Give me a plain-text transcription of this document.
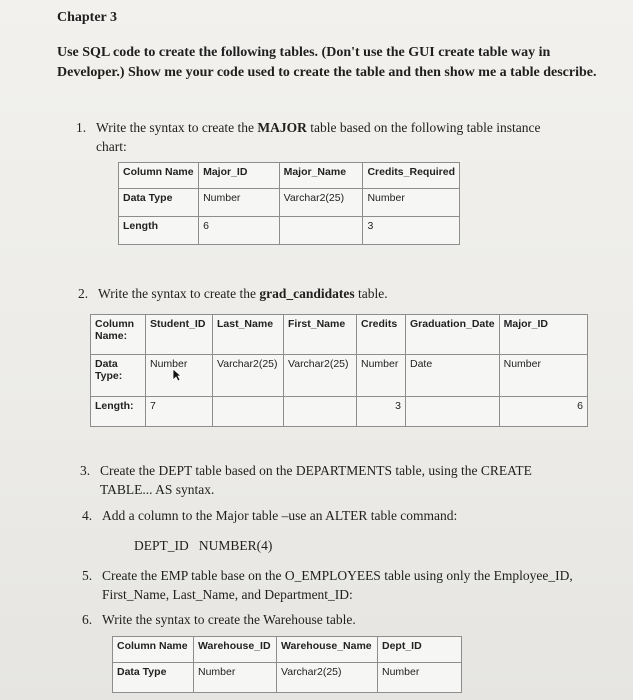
Chapter 3
Use SQL code to create the following tables. (Don't use the GUI create table way in Developer.) Show me your code used to create the table and then show me a table describe.
1. Write the syntax to create the MAJOR table based on the following table instance
chart:
Column Name	Major_ID	Major_Name	Credits_Required
Data Type	Number	Varchar2(25)	Number
Length	6		3
2. Write the syntax to create the grad_candidates table.
Column Name:	Student_ID	Last_Name	First_Name	Credits	Graduation_Date	Major_ID
Data Type:	Number	Varchar2(25)	Varchar2(25)	Number	Date	Number
Length:	7			3		6
3. Create the DEPT table based on the DEPARTMENTS table, using the CREATE
TABLE... AS syntax.
4. Add a column to the Major table –use an ALTER table command:
DEPT_ID   NUMBER(4)
5. Create the EMP table base on the O_EMPLOYEES table using only the Employee_ID,
First_Name, Last_Name, and Department_ID:
6. Write the syntax to create the Warehouse table.
Column Name	Warehouse_ID	Warehouse_Name	Dept_ID
Data Type	Number	Varchar2(25)	Number
